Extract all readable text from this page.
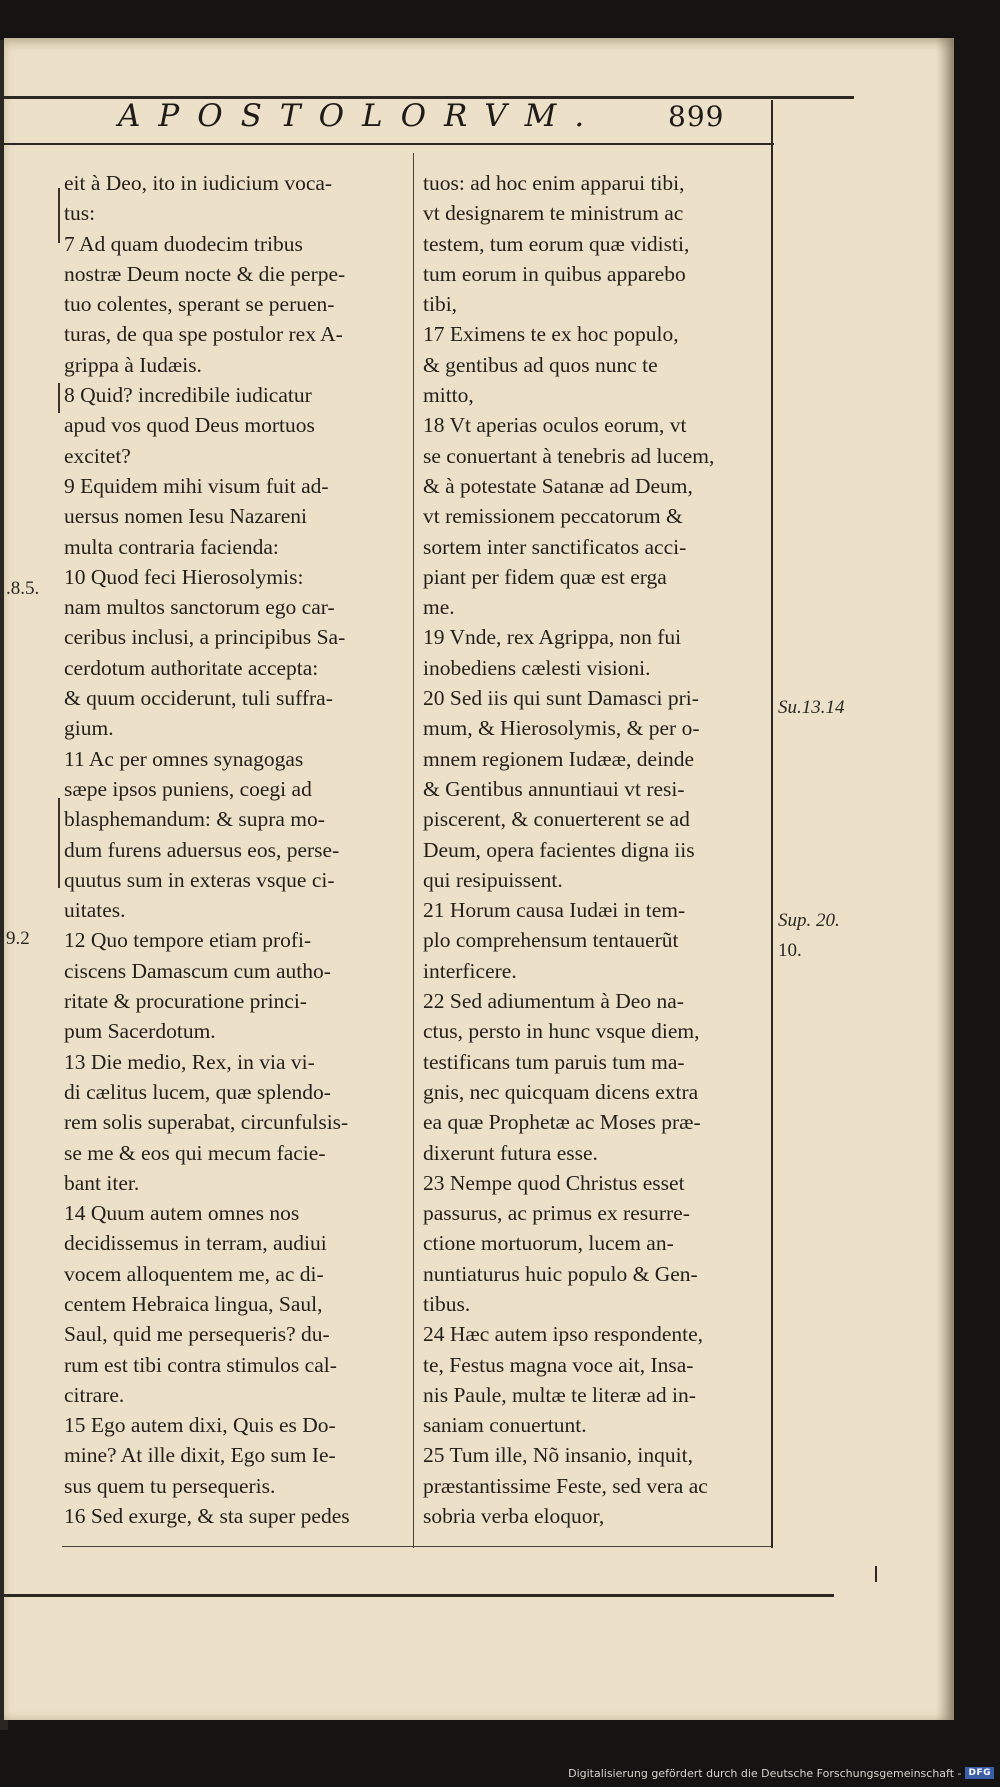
APOSTOLORVM.	899
eit à Deo, ito in iudicium voca-
tus:
7 Ad quam duodecim tribus
nostræ Deum nocte & die perpe-
tuo colentes, sperant se peruen-
turas, de qua spe postulor rex A-
grippa à Iudæis.
8 Quid? incredibile iudicatur
apud vos quod Deus mortuos
excitet?
9 Equidem mihi visum fuit ad-
uersus nomen Iesu Nazareni
multa contraria facienda:
10 Quod feci Hierosolymis:
nam multos sanctorum ego car-
ceribus inclusi, a principibus Sa-
cerdotum authoritate accepta:
& quum occiderunt, tuli suffra-
gium.
11 Ac per omnes synagogas
sæpe ipsos puniens, coegi ad
blasphemandum: & supra mo-
dum furens aduersus eos, perse-
quutus sum in exteras vsque ci-
uitates.
12 Quo tempore etiam profi-
ciscens Damascum cum autho-
ritate & procuratione princi-
pum Sacerdotum.
13 Die medio, Rex, in via vi-
di cælitus lucem, quæ splendo-
rem solis superabat, circunfulsis-
se me & eos qui mecum facie-
bant iter.
14 Quum autem omnes nos
decidissemus in terram, audiui
vocem alloquentem me, ac di-
centem Hebraica lingua, Saul,
Saul, quid me persequeris? du-
rum est tibi contra stimulos cal-
citrare.
15 Ego autem dixi, Quis es Do-
mine? At ille dixit, Ego sum Ie-
sus quem tu persequeris.
16 Sed exurge, & sta super pedes
tuos: ad hoc enim apparui tibi,
vt designarem te ministrum ac
testem, tum eorum quæ vidisti,
tum eorum in quibus apparebo
tibi,
17 Eximens te ex hoc populo,
& gentibus ad quos nunc te
mitto,
18 Vt aperias oculos eorum, vt
se conuertant à tenebris ad lucem,
& à potestate Satanæ ad Deum,
vt remissionem peccatorum &
sortem inter sanctificatos acci-
piant per fidem quæ est erga
me.
19 Vnde, rex Agrippa, non fui
inobediens cælesti visioni.
20 Sed iis qui sunt Damasci pri-
mum, & Hierosolymis, & per o-
mnem regionem Iudææ, deinde
& Gentibus annuntiaui vt resi-
piscerent, & conuerterent se ad
Deum, opera facientes digna iis
qui resipuissent.
21 Horum causa Iudæi in tem-
plo comprehensum tentauerũt
interficere.
22 Sed adiumentum à Deo na-
ctus, persto in hunc vsque diem,
testificans tum paruis tum ma-
gnis, nec quicquam dicens extra
ea quæ Prophetæ ac Moses præ-
dixerunt futura esse.
23 Nempe quod Christus esset
passurus, ac primus ex resurre-
ctione mortuorum, lucem an-
nuntiaturus huic populo & Gen-
tibus.
24 Hæc autem ipso respondente,
te, Festus magna voce ait, Insa-
nis Paule, multæ te literæ ad in-
saniam conuertunt.
25 Tum ille, Nõ insanio, inquit,
præstantissime Feste, sed vera ac
sobria verba eloquor,
.8.5.
9.2
Su.13.14
Sup. 20.
10.
Digitalisierung gefördert durch die Deutsche Forschungsgemeinschaft - DFG
